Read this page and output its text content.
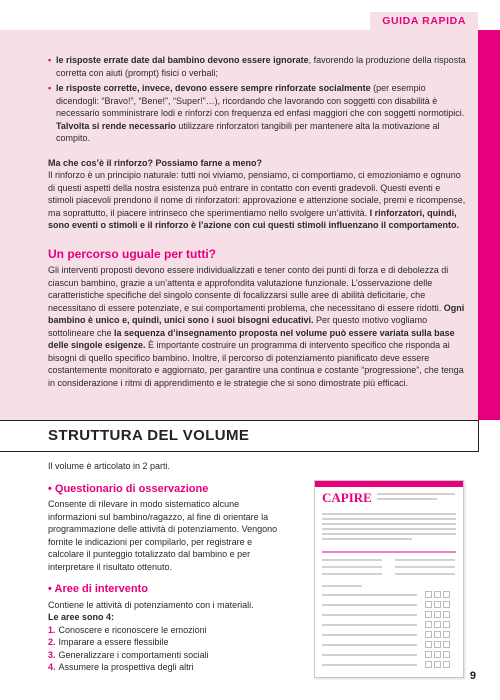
GUIDA RAPIDA
• le risposte errate date dal bambino devono essere ignorate, favorendo la produzione della risposta corretta con aiuti (prompt) fisici o verbali;
• le risposte corrette, invece, devono essere sempre rinforzate socialmente (per esempio dicendogli: “Bravo!”, “Bene!”, “Super!”…), ricordando che lavorando con soggetti con disabilità è necessario somministrare lodi e rinforzi con frequenza ed enfasi maggiori che con soggetti normotipici. Talvolta si rende necessario utilizzare rinforzatori tangibili per mantenere alta la motivazione al compito.
Ma che cos’è il rinforzo? Possiamo farne a meno?

Il rinforzo è un principio naturale: tutti noi viviamo, pensiamo, ci comportiamo, ci emozioniamo e ognuno di questi aspetti della nostra esistenza può entrare in contatto con eventi gradevoli. Questi eventi e stimoli piacevoli prendono il nome di rinforzatori: approvazione e attenzione sociale, premi e ricompense, ma soprattutto, il piacere intrinseco che sperimentiamo nello svolgere un’attività. I rinforzatori, quindi, sono eventi o stimoli e il rinforzo è l’azione con cui questi stimoli influenzano il comportamento.

Un percorso uguale per tutti?

Gli interventi proposti devono essere individualizzati e tener conto dei punti di forza e di debolezza di ciascun bambino, grazie a un’attenta e approfondita valutazione funzionale. L’osservazione delle caratteristiche specifiche del singolo consente di focalizzarsi sulle aree di abilità deficitarie, che necessitano di essere potenziate, e sui comportamenti problema, che necessitano di essere ridotti. Ogni bambino è unico e, quindi, unici sono i suoi bisogni educativi. Per questo motivo vogliamo sottolineare che la sequenza d’insegnamento proposta nel volume può essere variata sulla base delle singole esigenze. È importante costruire un programma di intervento specifico che risponda ai bisogni di quello specifico bambino. Inoltre, il percorso di potenziamento pianificato deve essere costantemente monitorato e aggiornato, per garantire una continua e costante “progressione”, che tenga in considerazione i ritmi di apprendimento e le strategie che si sono dimostrate più efficaci.

STRUTTURA DEL VOLUME

Il volume è articolato in 2 parti.

• Questionario di osservazione

Consente di rilevare in modo sistematico alcune informazioni sul bambino/ragazzo, al fine di orientare la programmazione delle attività di potenziamento. Vengono fornite le indicazioni per compilarlo, per registrare e calcolare il punteggio totalizzato dal bambino e per interpretare il risultato ottenuto.

• Aree di intervento

Contiene le attività di potenziamento con i materiali.

Le aree sono 4:

1. Conoscere e riconoscere le emozioni
2. Imparare a essere flessibile
3. Generalizzare i comportamenti sociali
4. Assumere la prospettiva degli altri
CAPIRE
9
